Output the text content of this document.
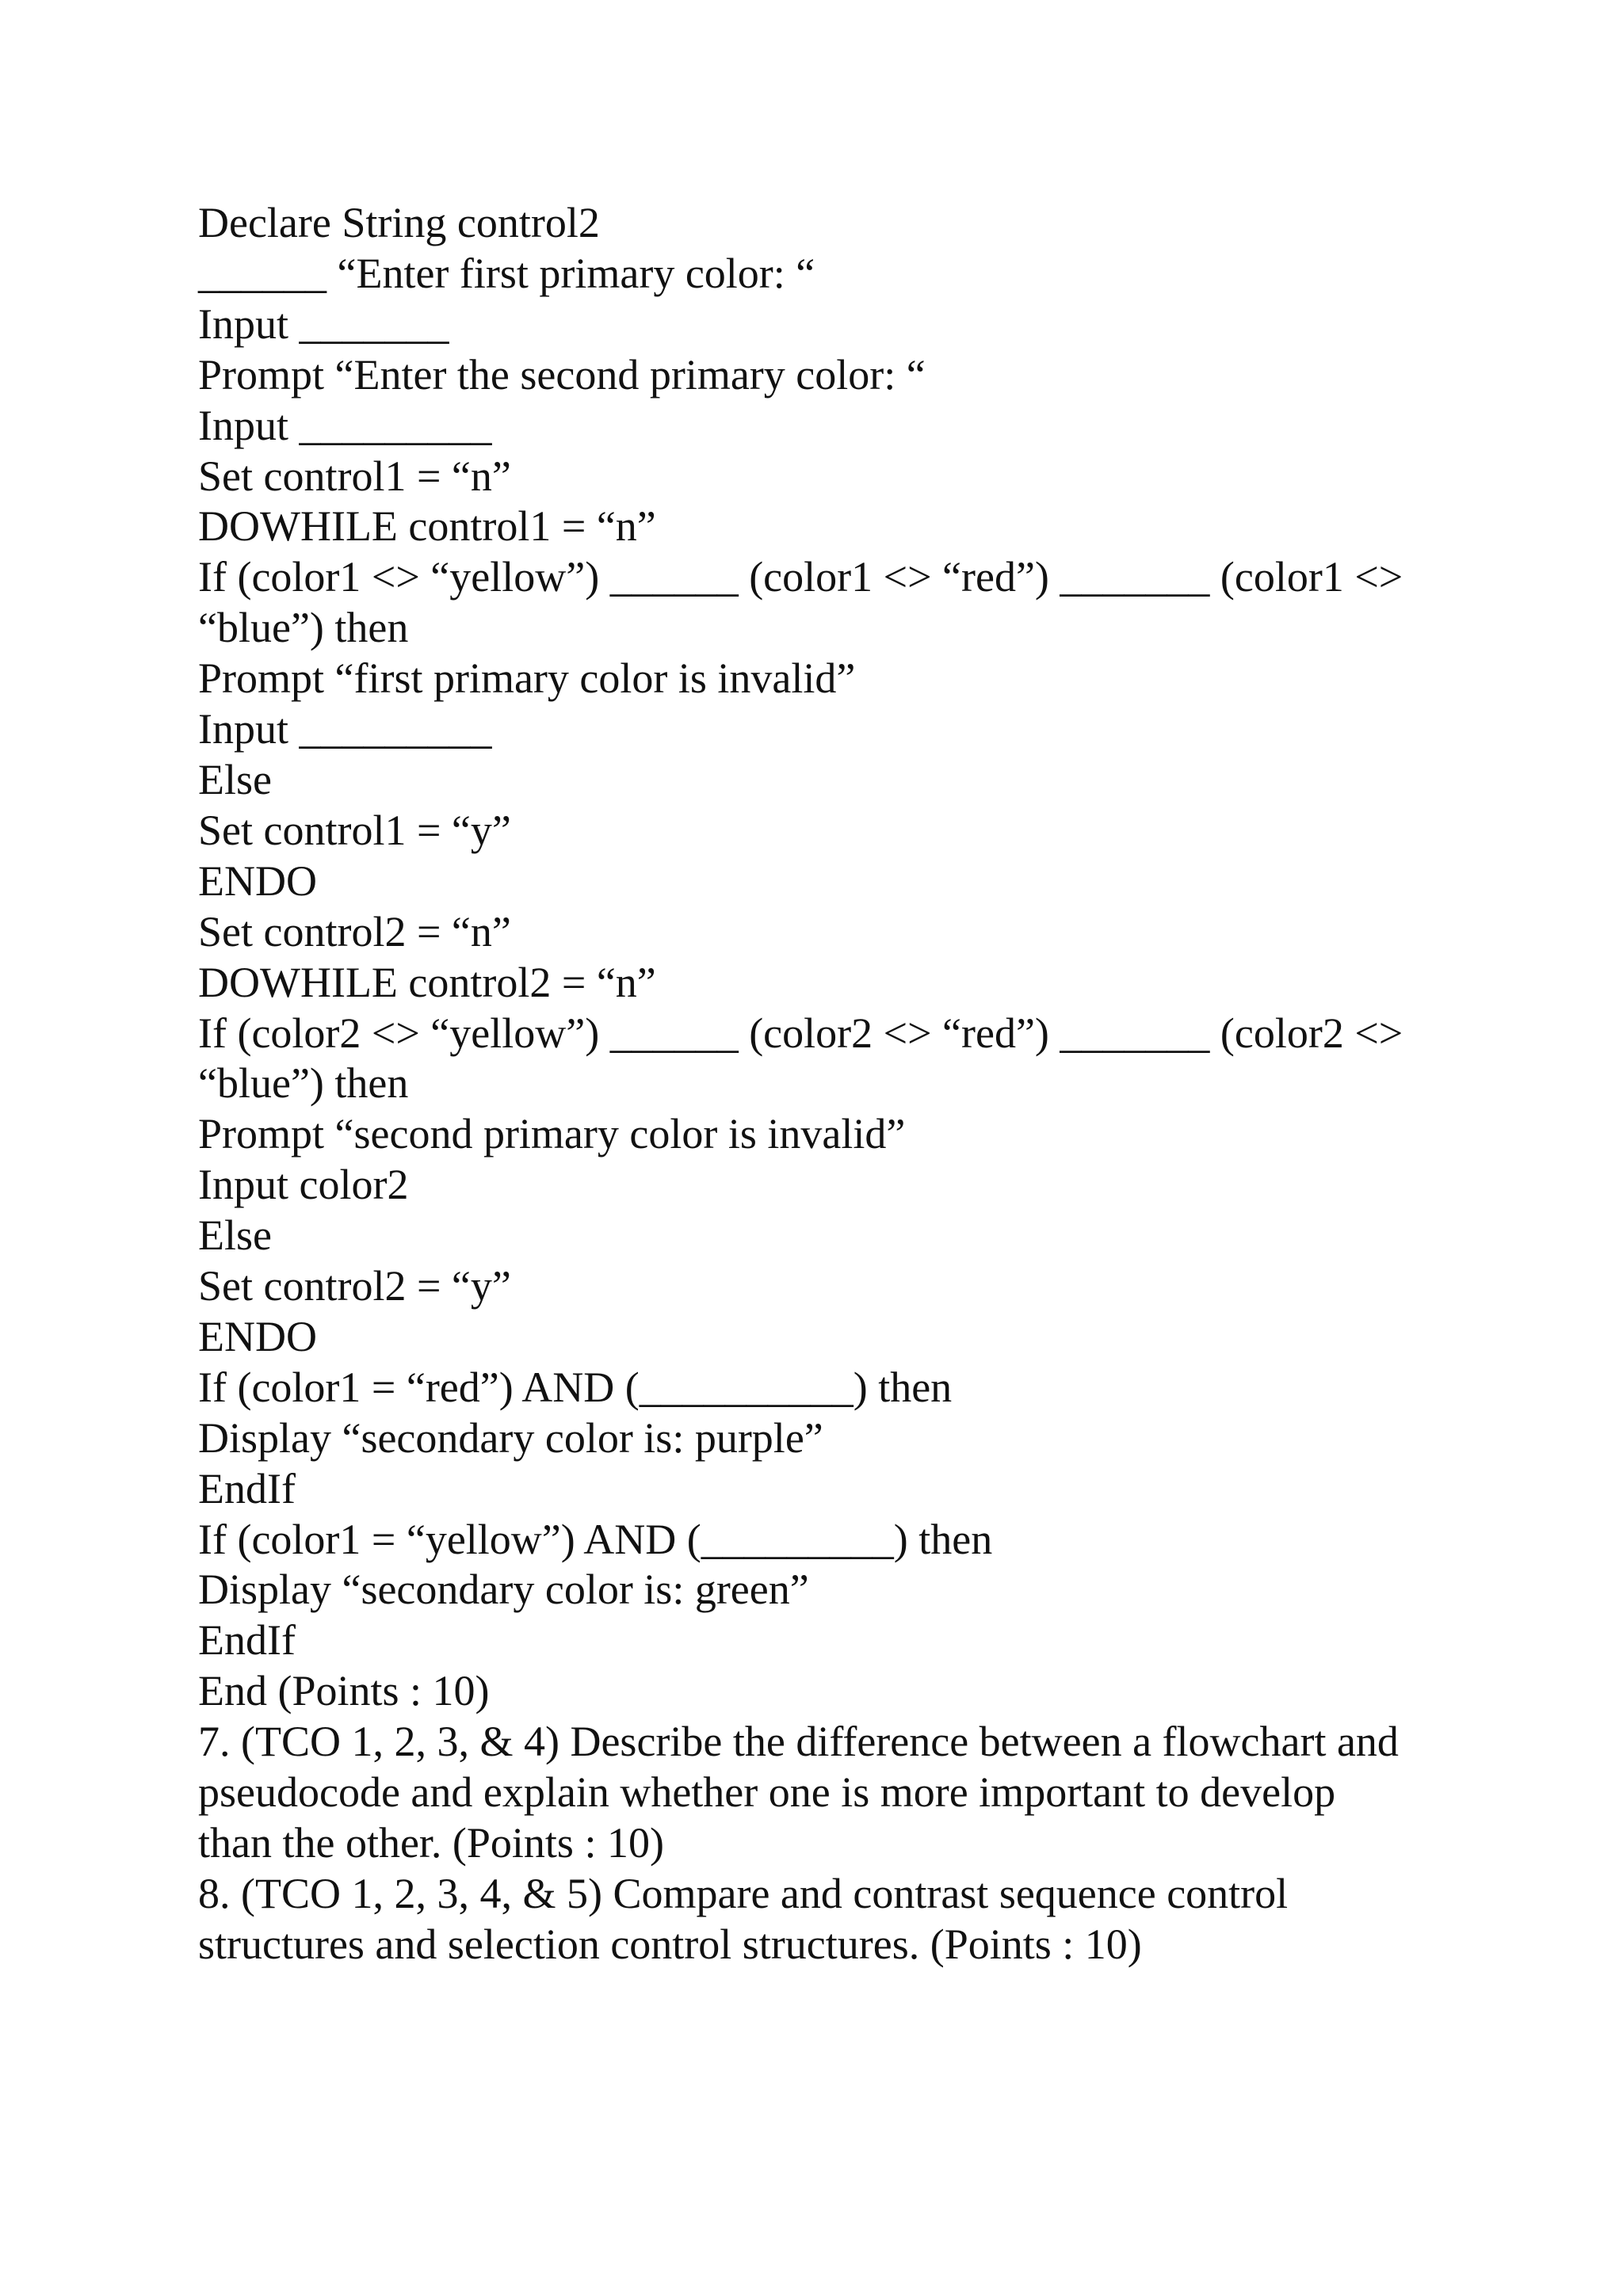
Declare String control2
______ “Enter first primary color: “
Input _______
Prompt “Enter the second primary color: “
Input _________
Set control1 = “n”
DOWHILE control1 = “n”
If (color1 <> “yellow”) ______ (color1 <> “red”) _______ (color1 <>
“blue”) then
Prompt “first primary color is invalid”
Input _________
Else
Set control1 = “y”
ENDO
Set control2 = “n”
DOWHILE control2 = “n”
If (color2 <> “yellow”) ______ (color2 <> “red”) _______ (color2 <>
“blue”) then
Prompt “second primary color is invalid”
Input color2
Else
Set control2 = “y”
ENDO
If (color1 = “red”) AND (__________) then
Display “secondary color is: purple”
EndIf
If (color1 = “yellow”) AND (_________) then
Display “secondary color is: green”
EndIf
End (Points : 10)
7. (TCO 1, 2, 3, & 4) Describe the difference between a flowchart and
pseudocode and explain whether one is more important to develop
than the other. (Points : 10)
8. (TCO 1, 2, 3, 4, & 5) Compare and contrast sequence control
structures and selection control structures. (Points : 10)
